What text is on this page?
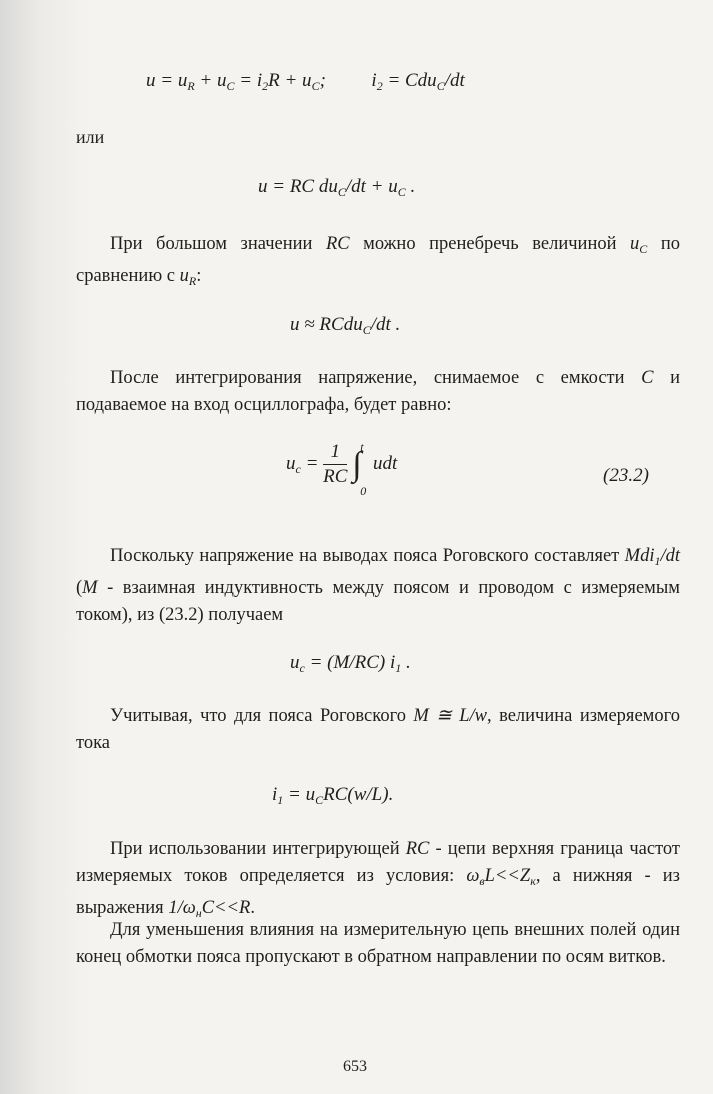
$u = u_R + u_C = i_2R + u_C$; $i_2 = Cdu_C/dt$
или
u = RC $du_C/dt + u_C$ .
При большом значении RC можно пренебречь величиной $u_C$ по сравнению с $u_R$:
u ≈ RCdu$_C$/dt .
После интегрирования напряжение, снимаемое с емкости C и подаваемое на вход осциллографа, будет равно:
$u_c = \frac{1}{RC}$ ∫
t
0
udt
(23.2)
Поскольку напряжение на выводах пояса Роговского составляет Mdi$_1$/dt (M - взаимная индуктивность между поясом и проводом с измеряемым током), из (23.2) получаем
$u_c = (M/RC)$ $i_1$ .
Учитывая, что для пояса Роговского M ≅ L/w, величина измеряемого тока
$i_1 = u_CRC(w/L)$.
При использовании интегрирующей RC - цепи верхняя граница частот измеряемых токов определяется из условия: $\omega_вL<<Z_к$, а нижняя - из выражения $1/\omega_нC<<R$.
Для уменьшения влияния на измерительную цепь внешних полей один конец обмотки пояса пропускают в обратном направлении по осям витков.
653
